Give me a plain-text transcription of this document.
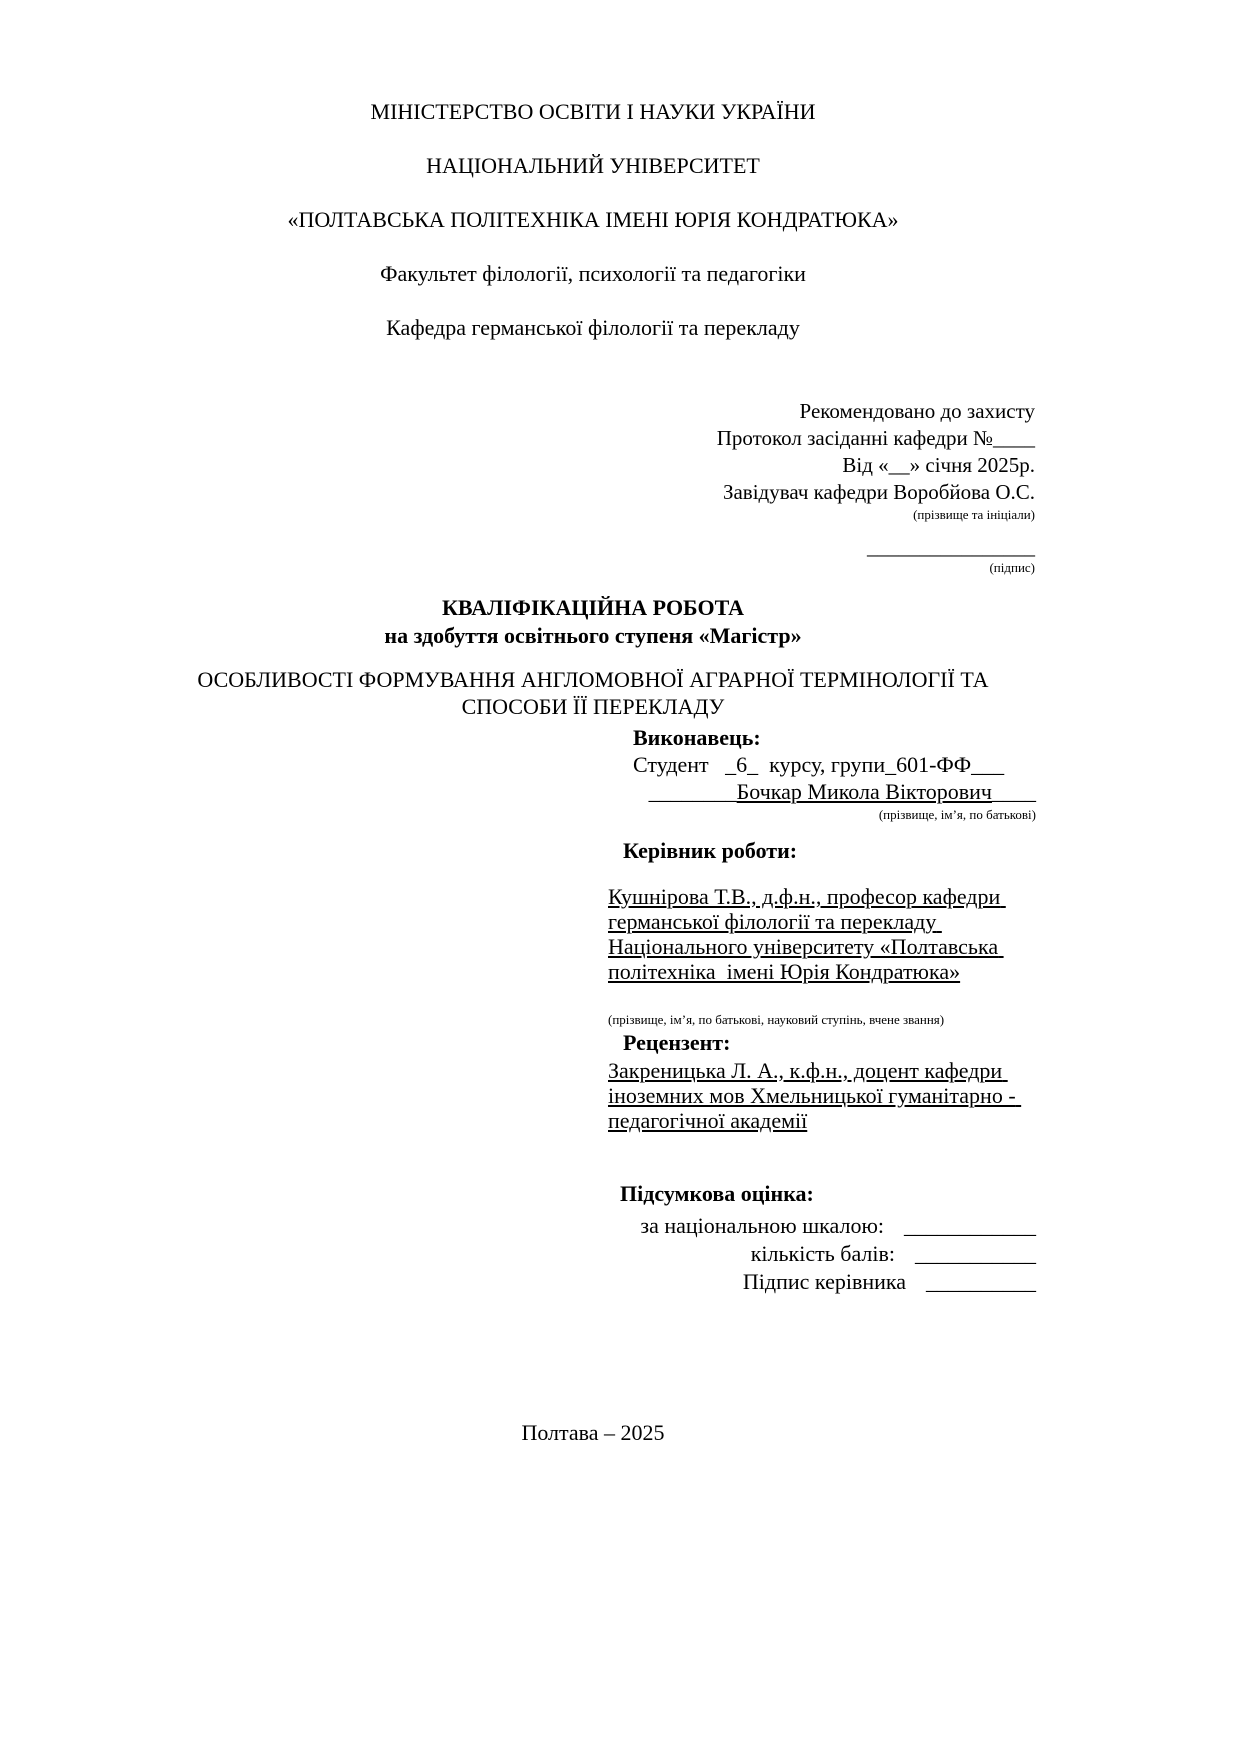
МІНІСТЕРСТВО ОСВІТИ І НАУКИ УКРАЇНИ
НАЦІОНАЛЬНИЙ УНІВЕРСИТЕТ
«ПОЛТАВСЬКА ПОЛІТЕХНІКА ІМЕНІ ЮРІЯ КОНДРАТЮКА»
Факультет філології, психології та педагогіки
Кафедра германської філології та перекладу
Рекомендовано до захисту
Протокол засіданні кафедри №____
Від «__» січня 2025р.
Завідувач кафедри Воробйова О.С.
(прізвище та ініціали)
________________
(підпис)
КВАЛІФІКАЦІЙНА РОБОТА
на здобуття освітнього ступеня «Магістр»
ОСОБЛИВОСТІ ФОРМУВАННЯ АНГЛОМОВНОЇ АГРАРНОЇ ТЕРМІНОЛОГІЇ ТА
СПОСОБИ ЇЇ ПЕРЕКЛАДУ
Виконавець:
Студент   _6_  курсу, групи_601-ФФ___
________Бочкар Микола Вікторович____
(прізвище, ім’я, по батькові)
Керівник роботи:
Кушнірова Т.В., д.ф.н., професор кафедри германської філології та перекладу Національного університету «Полтавська політехніка  імені Юрія Кондратюка»
(прізвище, ім’я, по батькові, науковий ступінь, вчене звання)
Рецензент:
Закреницька Л. А., к.ф.н., доцент кафедри іноземних мов Хмельницької гуманітарно - педагогічної академії
Підсумкова оцінка:
за національною шкалою: ____________
кількість балів: ___________
Підпис керівника __________
Полтава – 2025
